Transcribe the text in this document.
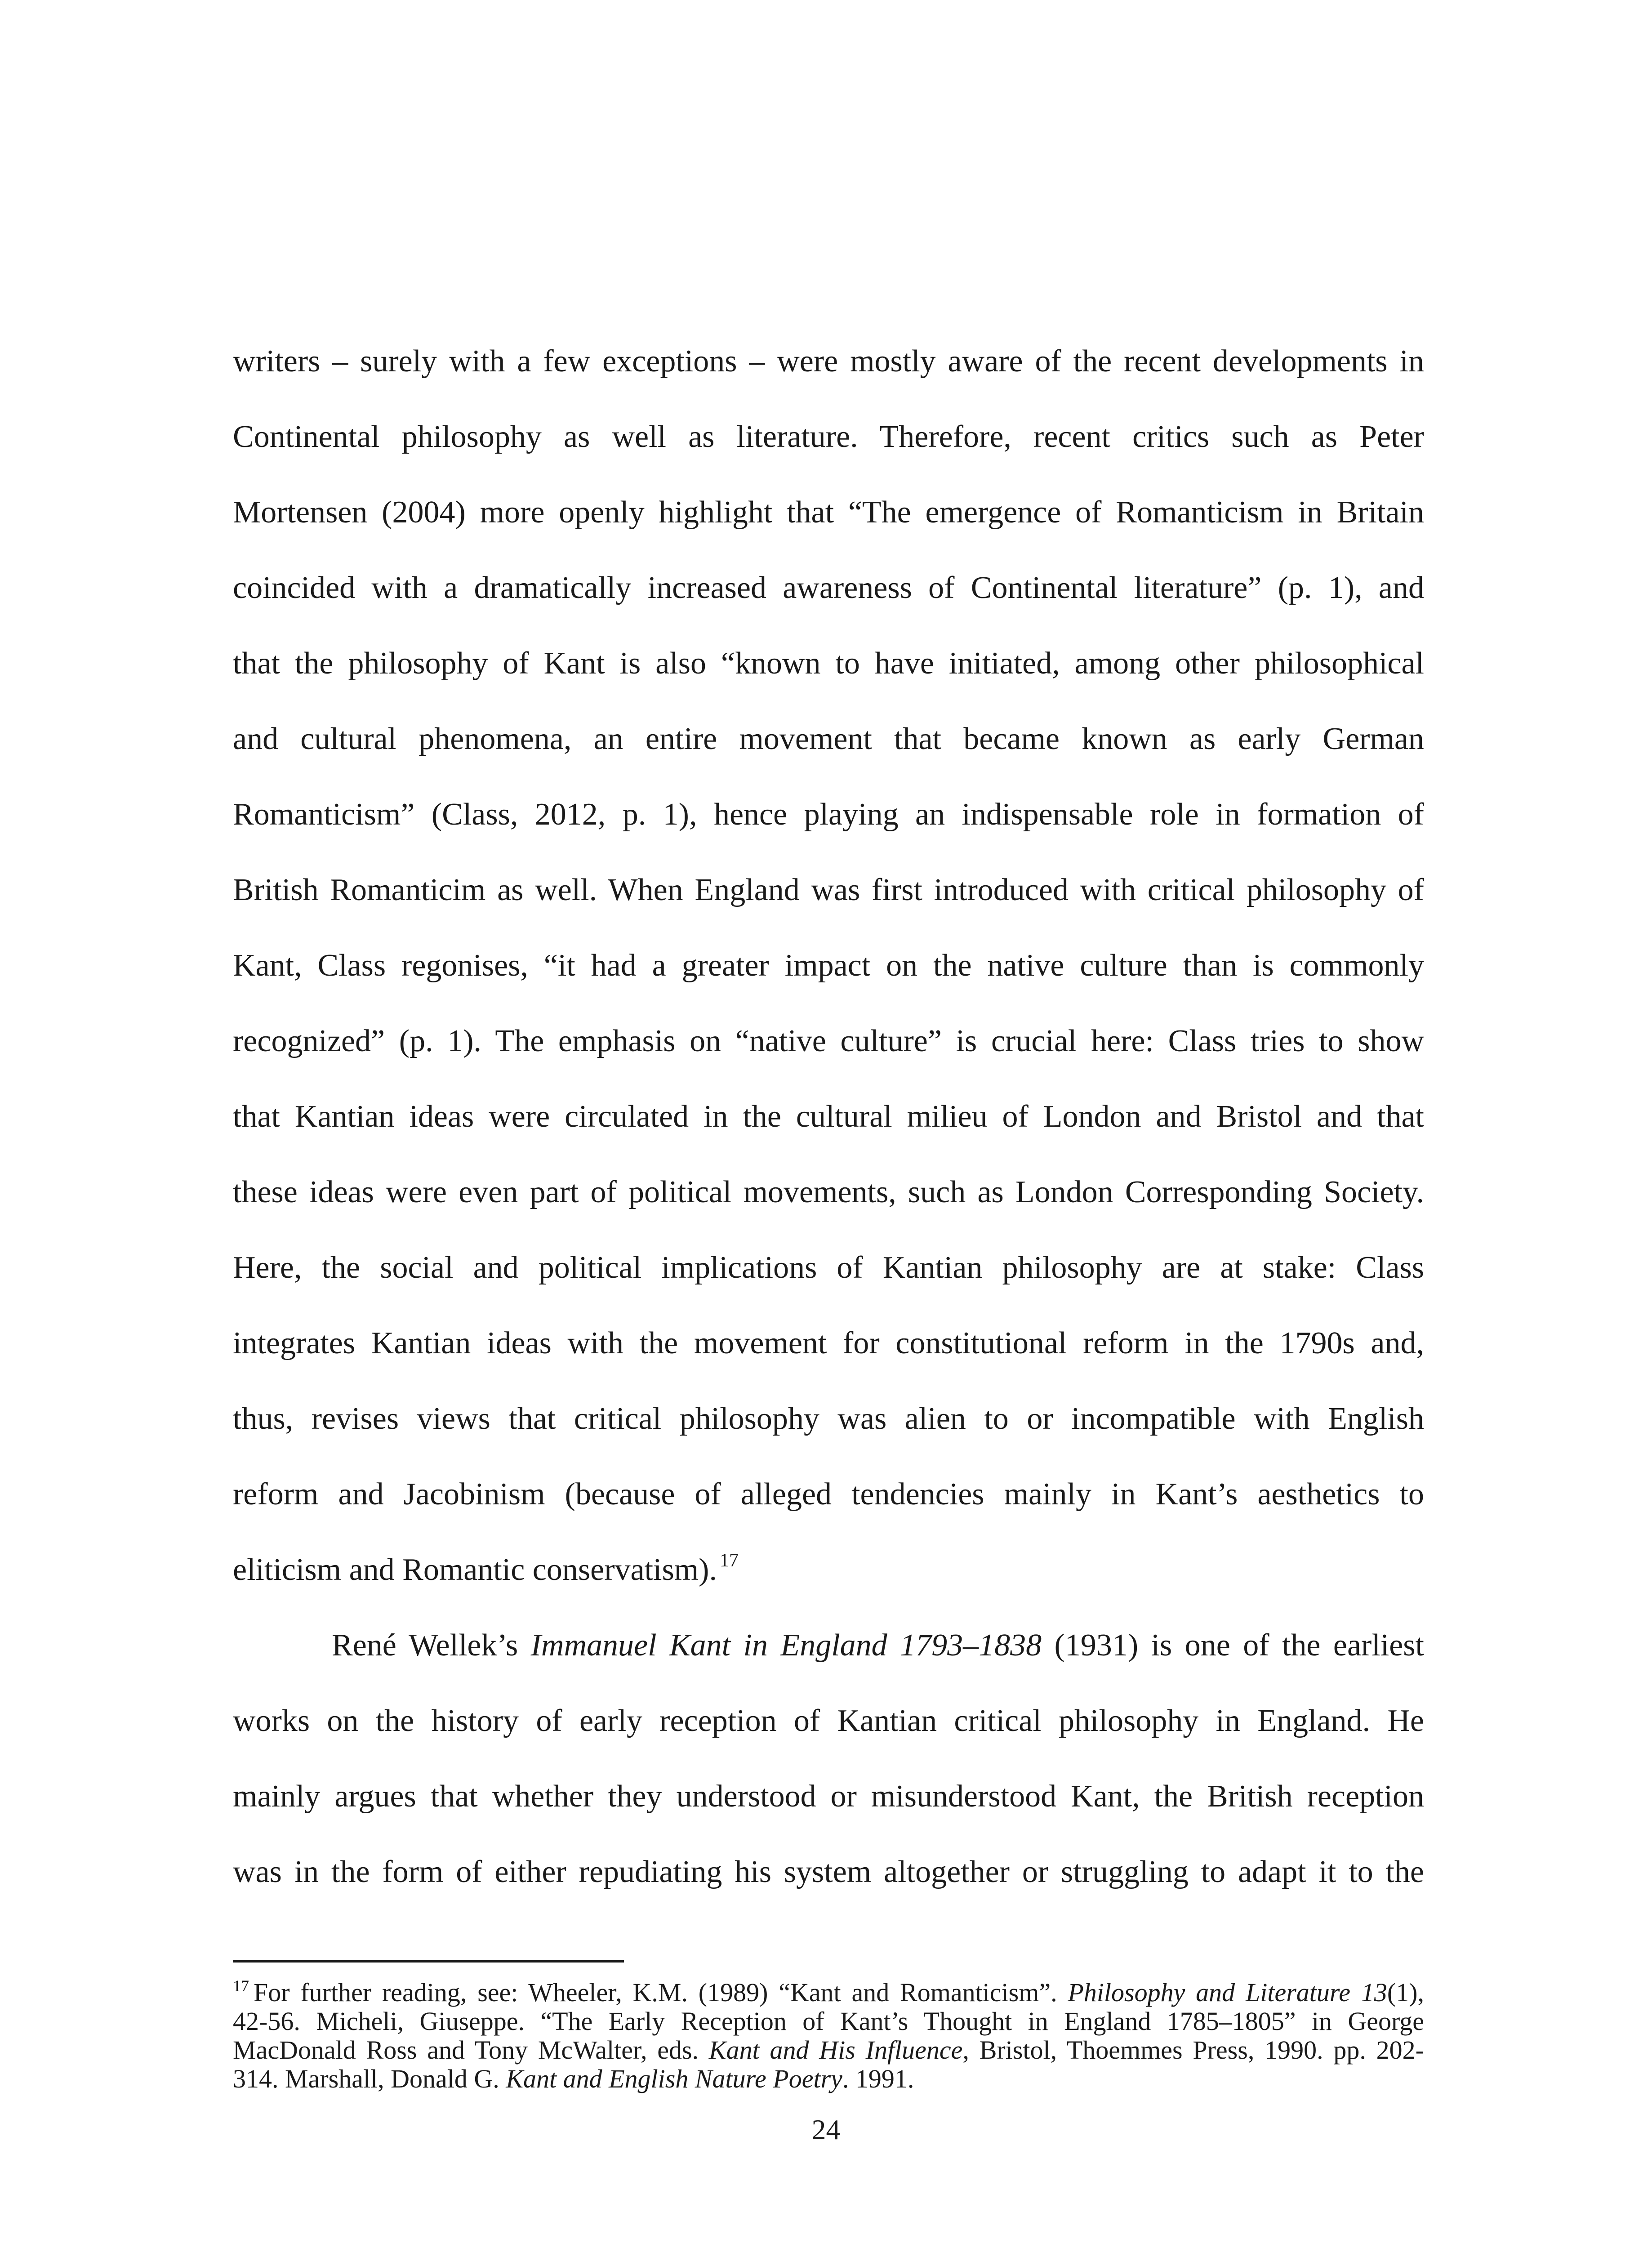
writers – surely with a few exceptions – were mostly aware of the recent developments in
Continental philosophy as well as literature. Therefore, recent critics such as Peter
Mortensen (2004) more openly highlight that “The emergence of Romanticism in Britain
coincided with a dramatically increased awareness of Continental literature” (p. 1), and
that the philosophy of Kant is also “known to have initiated, among other philosophical
and cultural phenomena, an entire movement that became known as early German
Romanticism” (Class, 2012, p. 1), hence playing an indispensable role in formation of
British Romanticim as well. When England was first introduced with critical philosophy of
Kant, Class regonises, “it had a greater impact on the native culture than is commonly
recognized” (p. 1). The emphasis on “native culture” is crucial here: Class tries to show
that Kantian ideas were circulated in the cultural milieu of London and Bristol and that
these ideas were even part of political movements, such as London Corresponding Society.
Here, the social and political implications of Kantian philosophy are at stake: Class
integrates Kantian ideas with the movement for constitutional reform in the 1790s and,
thus, revises views that critical philosophy was alien to or incompatible with English
reform and Jacobinism (because of alleged tendencies mainly in Kant’s aesthetics to
eliticism and Romantic conservatism). $^{17}$
René Wellek’s Immanuel Kant in England 1793–1838 (1931) is one of the earliest
works on the history of early reception of Kantian critical philosophy in England. He
mainly argues that whether they understood or misunderstood Kant, the British reception
was in the form of either repudiating his system altogether or struggling to adapt it to the
$^{17}$ For further reading, see: Wheeler, K.M. (1989) “Kant and Romanticism”. Philosophy and Literature 13(1),
42-56. Micheli, Giuseppe. “The Early Reception of Kant’s Thought in England 1785–1805” in George
MacDonald Ross and Tony McWalter, eds. Kant and His Influence, Bristol, Thoemmes Press, 1990. pp. 202-
314. Marshall, Donald G. Kant and English Nature Poetry. 1991.
24
